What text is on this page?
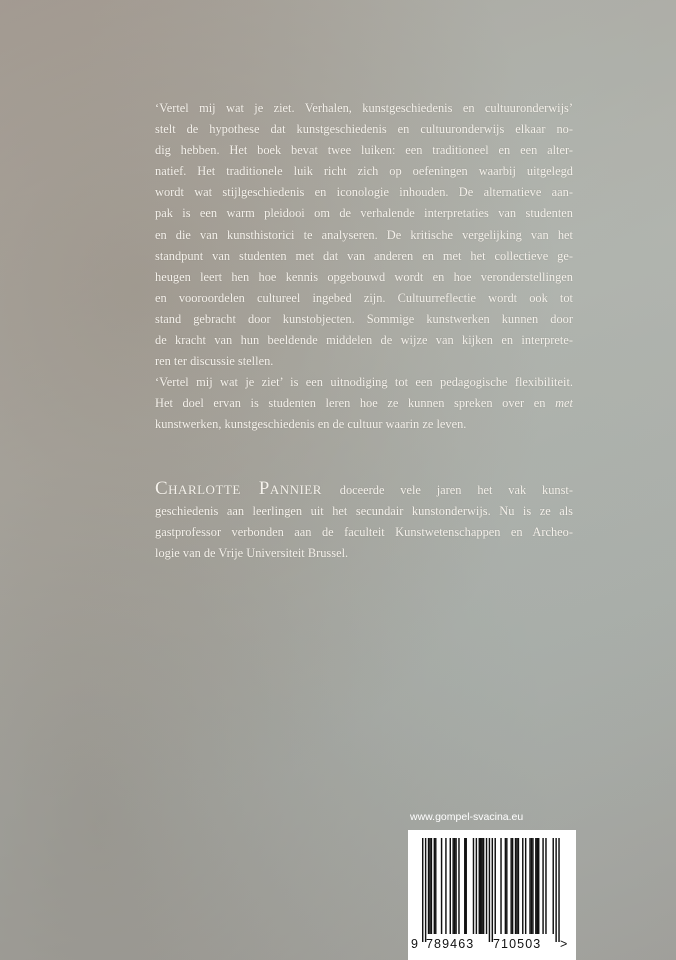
‘Vertel mij wat je ziet. Verhalen, kunstgeschiedenis en cultuuronderwijs’
stelt de hypothese dat kunstgeschiedenis en cultuuronderwijs elkaar no-
dig hebben. Het boek bevat twee luiken: een traditioneel en een alter-
natief. Het traditionele luik richt zich op oefeningen waarbij uitgelegd
wordt wat stijlgeschiedenis en iconologie inhouden. De alternatieve aan-
pak is een warm pleidooi om de verhalende interpretaties van studenten
en die van kunsthistorici te analyseren. De kritische vergelijking van het
standpunt van studenten met dat van anderen en met het collectieve ge-
heugen leert hen hoe kennis opgebouwd wordt en hoe veronderstellingen
en vooroordelen cultureel ingebed zijn. Cultuurreflectie wordt ook tot
stand gebracht door kunstobjecten. Sommige kunstwerken kunnen door
de kracht van hun beeldende middelen de wijze van kijken en interprete-
ren ter discussie stellen.
‘Vertel mij wat je ziet’ is een uitnodiging tot een pedagogische flexibiliteit.
Het doel ervan is studenten leren hoe ze kunnen spreken over en met
kunstwerken, kunstgeschiedenis en de cultuur waarin ze leven.
Charlotte Pannier doceerde vele jaren het vak kunst-
geschiedenis aan leerlingen uit het secundair kunstonderwijs. Nu is ze als
gastprofessor verbonden aan de faculteit Kunstwetenschappen en Archeo-
logie van de Vrije Universiteit Brussel.
www.gompel-svacina.eu
9 789463 710503 >
